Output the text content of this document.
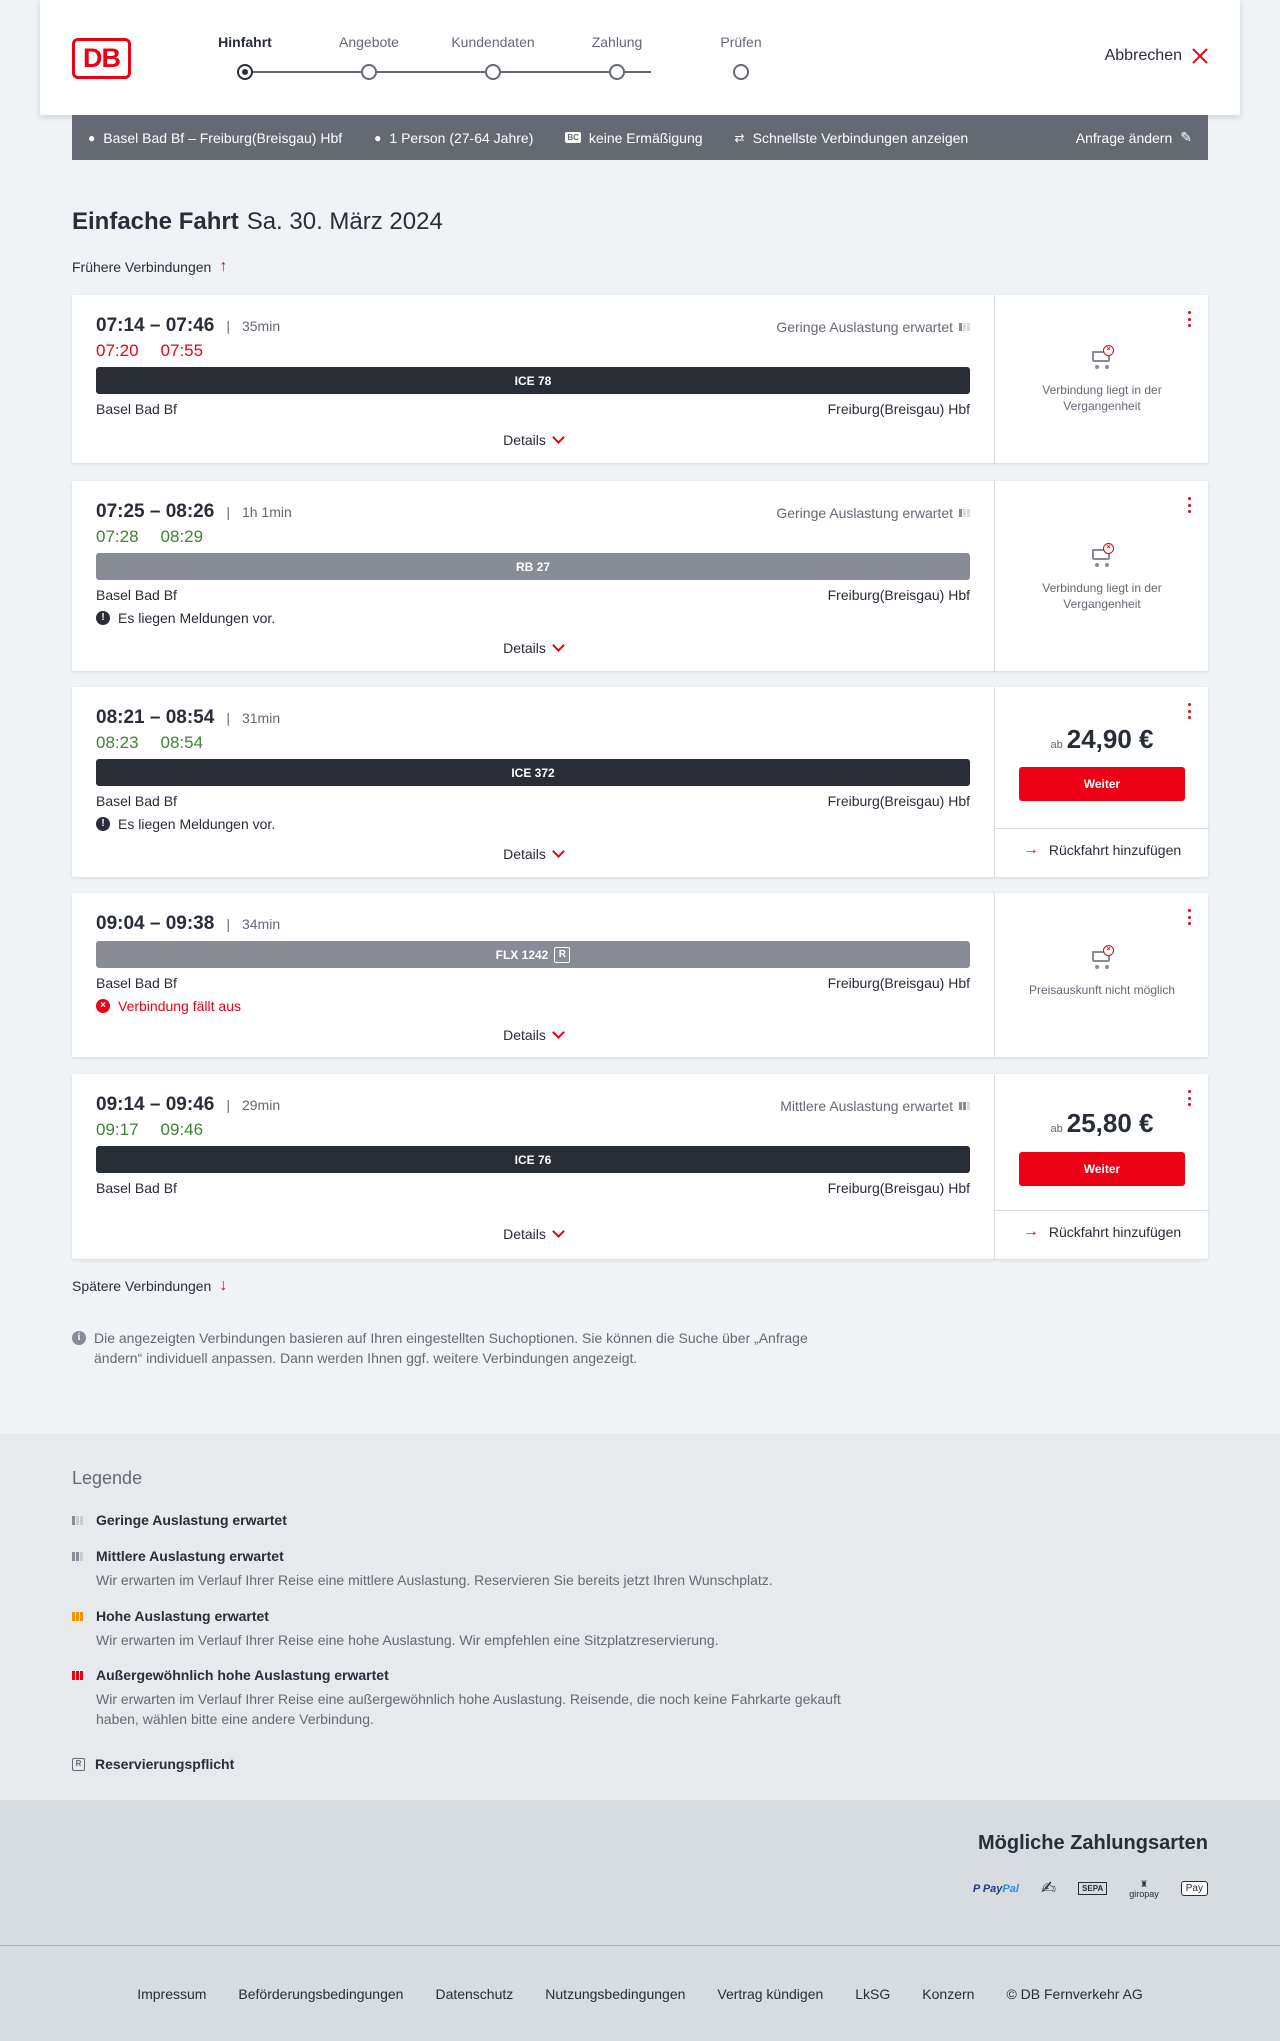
DB
Hinfahrt	Angebote	Kundendaten	Zahlung	Prüfen
Abbrechen
● Basel Bad Bf – Freiburg(Breisgau) Hbf	● 1 Person (27-64 Jahre)	BC keine Ermäßigung	⇄ Schnellste Verbindungen anzeigen	Anfrage ändern ✎
Einfache Fahrt Sa. 30. März 2024
Frühere Verbindungen ↑
07:14 – 07:46 | 35min	Geringe Auslastung erwartet
07:20 07:55
ICE 78
Basel Bad Bf	Freiburg(Breisgau) Hbf
Details
×
Verbindung liegt in der Vergangenheit
07:25 – 08:26 | 1h 1min	Geringe Auslastung erwartet
07:28 08:29
RB 27
Basel Bad Bf	Freiburg(Breisgau) Hbf
! Es liegen Meldungen vor.
Details
×
Verbindung liegt in der Vergangenheit
08:21 – 08:54 | 31min
08:23 08:54
ICE 372
Basel Bad Bf	Freiburg(Breisgau) Hbf
! Es liegen Meldungen vor.
Details
ab 24,90 €
Weiter
→ Rückfahrt hinzufügen
09:04 – 09:38 | 34min
FLX 1242	R
Basel Bad Bf	Freiburg(Breisgau) Hbf
× Verbindung fällt aus
Details
×
Preisauskunft nicht möglich
09:14 – 09:46 | 29min	Mittlere Auslastung erwartet
09:17 09:46
ICE 76
Basel Bad Bf	Freiburg(Breisgau) Hbf
Details
ab 25,80 €
Weiter
→ Rückfahrt hinzufügen
Spätere Verbindungen ↓
i Die angezeigten Verbindungen basieren auf Ihren eingestellten Suchoptionen. Sie können die Suche über „Anfrage ändern“ individuell anpassen. Dann werden Ihnen ggf. weitere Verbindungen angezeigt.
Legende
Geringe Auslastung erwartet
Mittlere Auslastung erwartet
Wir erwarten im Verlauf Ihrer Reise eine mittlere Auslastung. Reservieren Sie bereits jetzt Ihren Wunschplatz.
Hohe Auslastung erwartet
Wir erwarten im Verlauf Ihrer Reise eine hohe Auslastung. Wir empfehlen eine Sitzplatzreservierung.
Außergewöhnlich hohe Auslastung erwartet
Wir erwarten im Verlauf Ihrer Reise eine außergewöhnlich hohe Auslastung. Reisende, die noch keine Fahrkarte gekauft haben, wählen bitte eine andere Verbindung.
R Reservierungspflicht
Mögliche Zahlungsarten
P PayPal ✍	SEPA	♜
giropay	Pay
Impressum Beförderungsbedingungen Datenschutz Nutzungsbedingungen Vertrag kündigen LkSG Konzern © DB Fernverkehr AG
